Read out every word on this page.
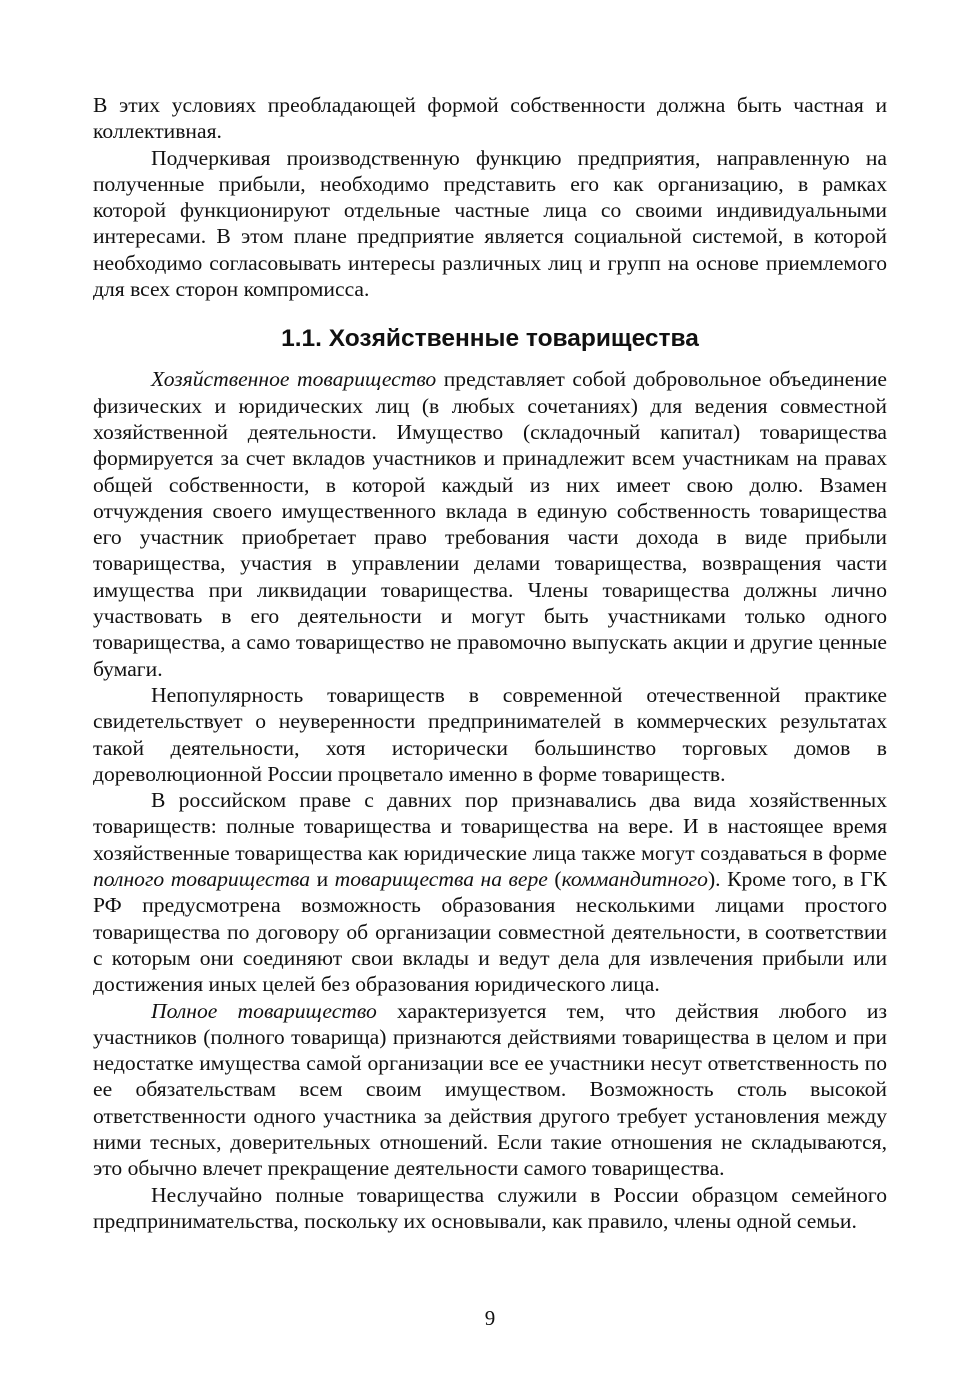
В этих условиях преобладающей формой собственности должна быть частная и коллективная.

Подчеркивая производственную функцию предприятия, направленную на полученные прибыли, необходимо представить его как организацию, в рамках которой функционируют отдельные частные лица со своими индивидуальными интересами. В этом плане предприятие является социальной системой, в которой необходимо согласовывать интересы различных лиц и групп на основе приемлемого для всех сторон компромисса.

1.1. Хозяйственные товарищества

Хозяйственное товарищество представляет собой добровольное объединение физических и юридических лиц (в любых сочетаниях) для ведения совместной хозяйственной деятельности. Имущество (складочный капитал) товарищества формируется за счет вкладов участников и принадлежит всем участникам на правах общей собственности, в которой каждый из них имеет свою долю. Взамен отчуждения своего имущественного вклада в единую собственность товарищества его участник приобретает право требования части дохода в виде прибыли товарищества, участия в управлении делами товарищества, возвращения части имущества при ликвидации товарищества. Члены товарищества должны лично участвовать в его деятельности и могут быть участниками только одного товарищества, а само товарищество не правомочно выпускать акции и другие ценные бумаги.

Непопулярность товариществ в современной отечественной практике свидетельствует о неуверенности предпринимателей в коммерческих результатах такой деятельности, хотя исторически большинство торговых домов в дореволюционной России процветало именно в форме товариществ.

В российском праве с давних пор признавались два вида хозяйственных товариществ: полные товарищества и товарищества на вере. И в настоящее время хозяйственные товарищества как юридические лица также могут создаваться в форме полного товарищества и товарищества на вере (коммандитного). Кроме того, в ГК РФ предусмотрена возможность образования несколькими лицами простого товарищества по договору об организации совместной деятельности, в соответствии с которым они соединяют свои вклады и ведут дела для извлечения прибыли или достижения иных целей без образования юридического лица.

Полное товарищество характеризуется тем, что действия любого из участников (полного товарища) признаются действиями товарищества в целом и при недостатке имущества самой организации все ее участники несут ответственность по ее обязательствам всем своим имуществом. Возможность столь высокой ответственности одного участника за действия другого требует установления между ними тесных, доверительных отношений. Если такие отношения не складываются, это обычно влечет прекращение деятельности самого товарищества.

Неслучайно полные товарищества служили в России образцом семейного предпринимательства, поскольку их основывали, как правило, члены одной семьи.

9
